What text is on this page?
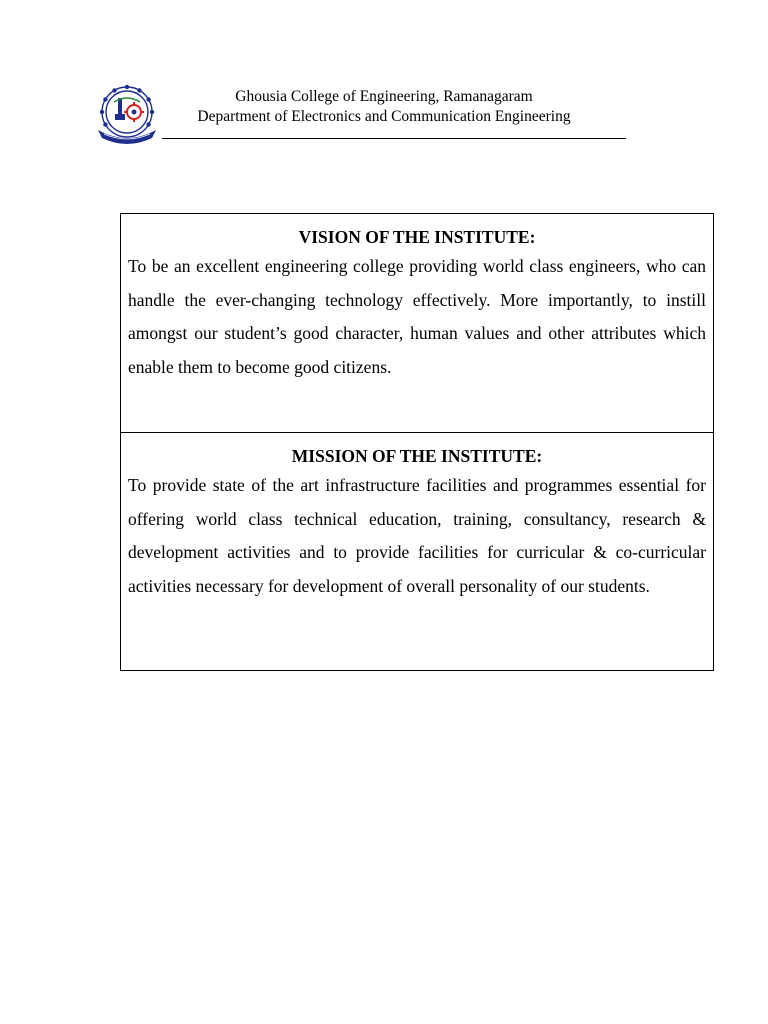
Ghousia College of Engineering, Ramanagaram
Department of Electronics and Communication Engineering
VISION OF THE INSTITUTE:

To be an excellent engineering college providing world class engineers, who can handle the ever-changing technology effectively. More importantly, to instill amongst our student’s good character, human values and other attributes which enable them to become good citizens.

MISSION OF THE INSTITUTE:

To provide state of the art infrastructure facilities and programmes essential for offering world class technical education, training, consultancy, research & development activities and to provide facilities for curricular & co-curricular activities necessary for development of overall personality of our students.
